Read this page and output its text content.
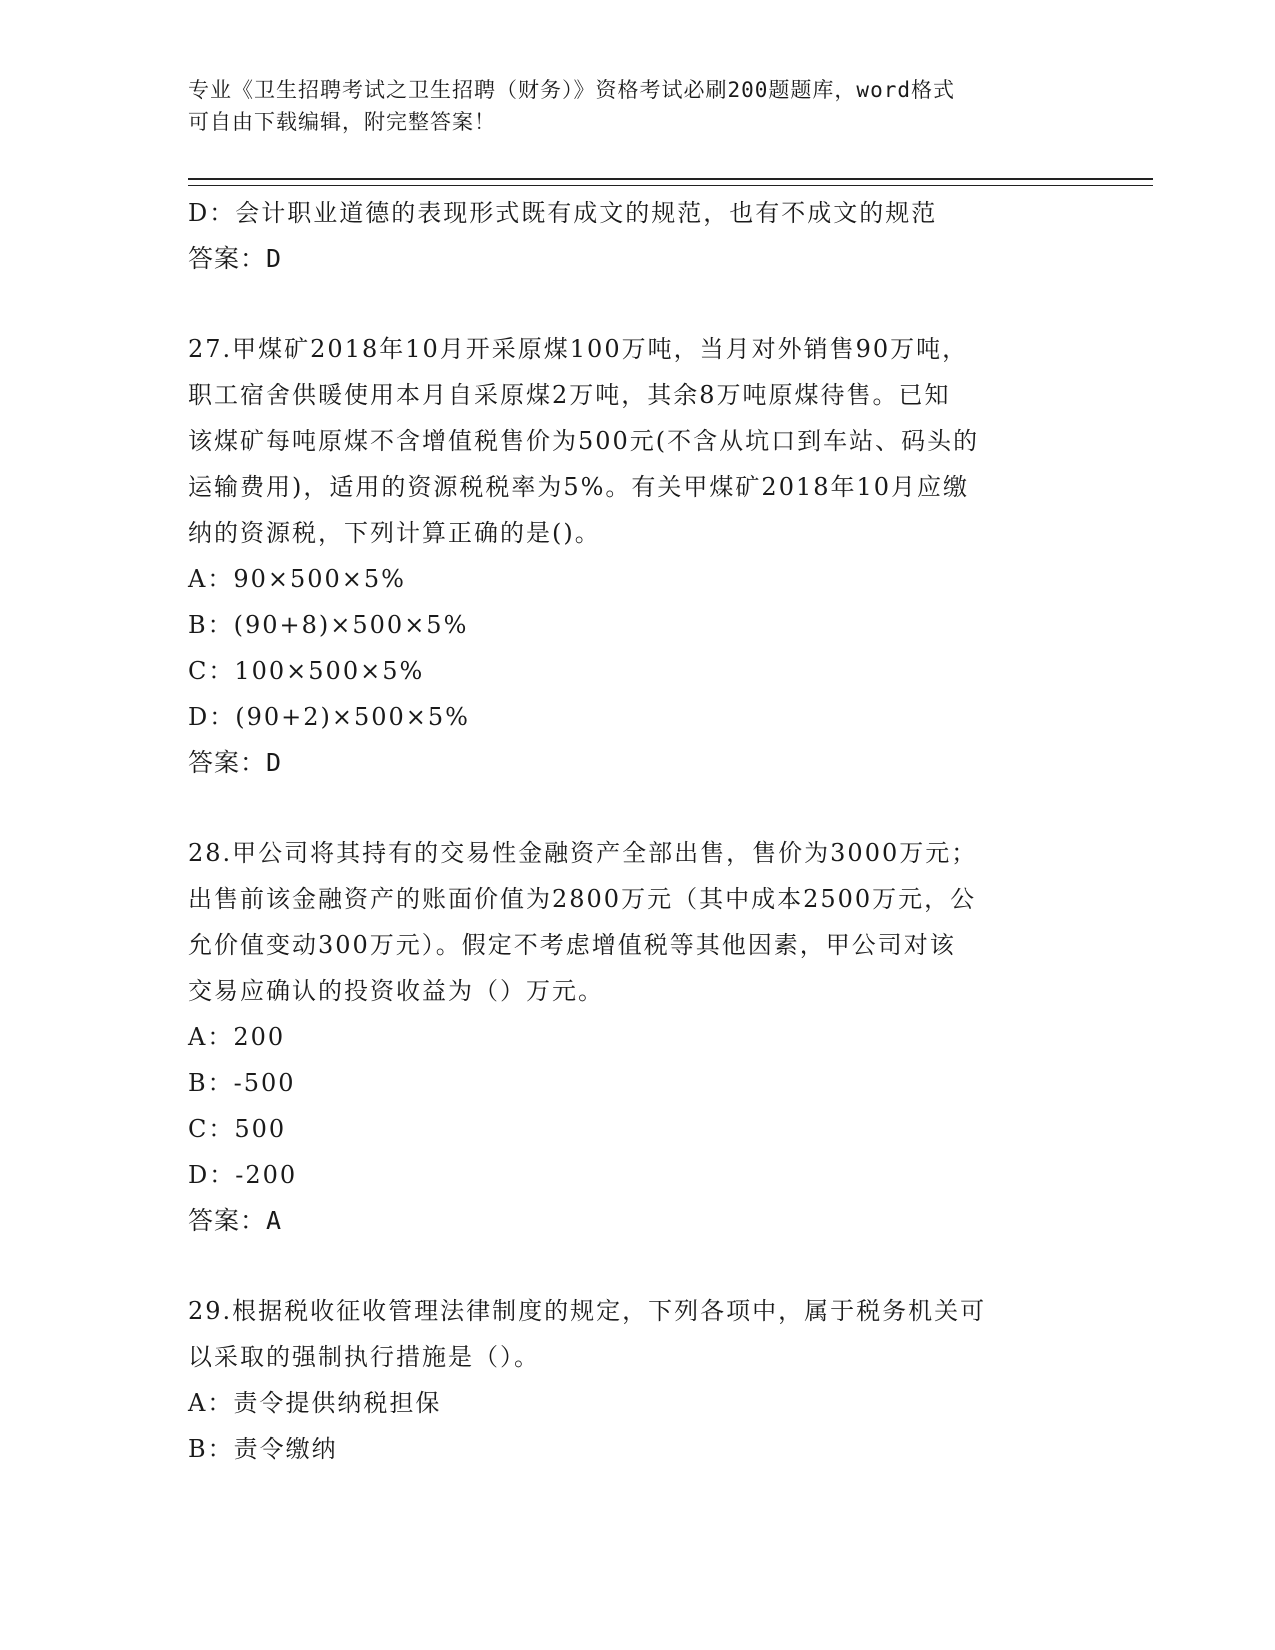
专业《卫生招聘考试之卫生招聘（财务）》资格考试必刷200题题库，word格式
可自由下载编辑，附完整答案！
D：会计职业道德的表现形式既有成文的规范，也有不成文的规范
答案：D
27.甲煤矿2018年10月开采原煤100万吨，当月对外销售90万吨，
职工宿舍供暖使用本月自采原煤2万吨，其余8万吨原煤待售。已知
该煤矿每吨原煤不含增值税售价为500元(不含从坑口到车站、码头的
运输费用)，适用的资源税税率为5%。有关甲煤矿2018年10月应缴
纳的资源税，下列计算正确的是()。
A：90×500×5%
B：(90+8)×500×5%
C：100×500×5%
D：(90+2)×500×5%
答案：D
28.甲公司将其持有的交易性金融资产全部出售，售价为3000万元；
出售前该金融资产的账面价值为2800万元（其中成本2500万元，公
允价值变动300万元）。假定不考虑增值税等其他因素，甲公司对该
交易应确认的投资收益为（）万元。
A：200
B：-500
C：500
D：-200
答案：A
29.根据税收征收管理法律制度的规定，下列各项中，属于税务机关可
以采取的强制执行措施是（）。
A：责令提供纳税担保
B：责令缴纳
